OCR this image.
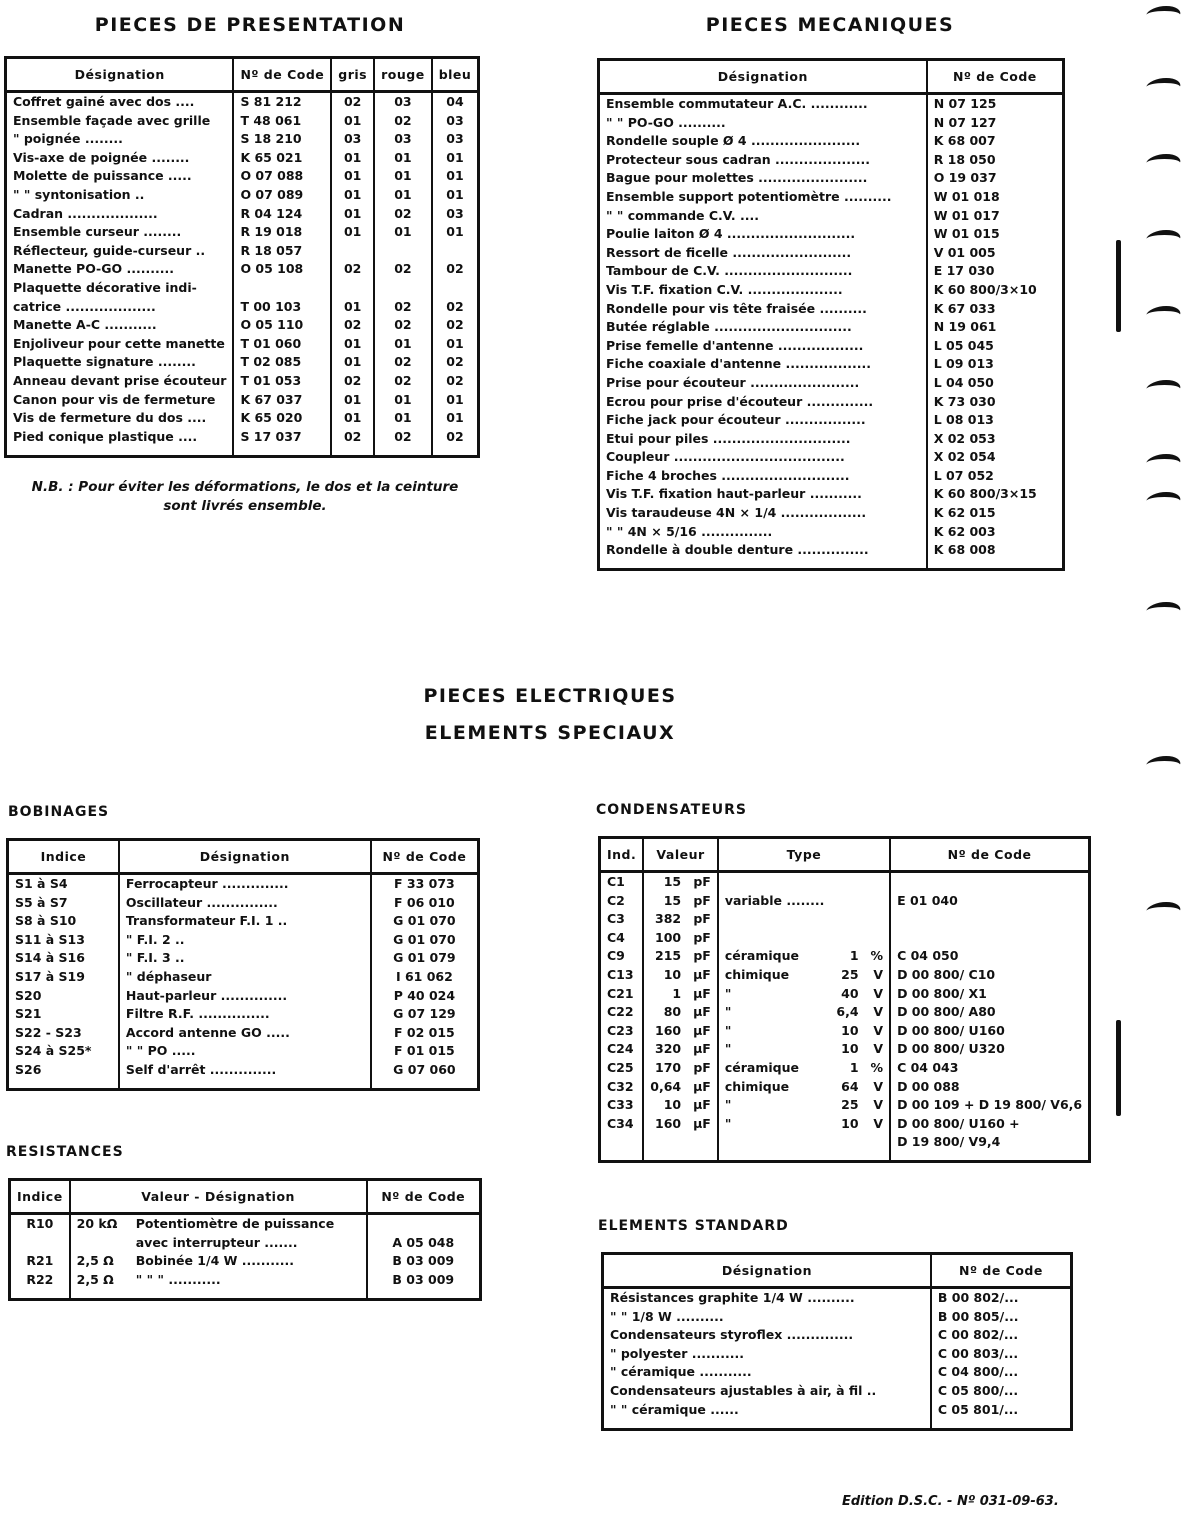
PIECES DE PRESENTATION	PIECES MECANIQUES
Désignation	Nº de Code	gris	rouge	bleu
Coffret gainé avec dos ....	S 81 212	02	03	04
Ensemble façade avec grille	T 48 061	01	02	03
" poignée ........	S 18 210	03	03	03
Vis-axe de poignée ........	K 65 021	01	01	01
Molette de puissance .....	O 07 088	01	01	01
" " syntonisation ..	O 07 089	01	01	01
Cadran ...................	R 04 124	01	02	03
Ensemble curseur ........	R 19 018	01	01	01
Réflecteur, guide-curseur ..	R 18 057			
Manette PO-GO ..........	O 05 108	02	02	02
Plaquette décorative indi-				
catrice ...................	T 00 103	01	02	02
Manette A-C ...........	O 05 110	02	02	02
Enjoliveur pour cette manette	T 01 060	01	01	01
Plaquette signature ........	T 02 085	01	02	02
Anneau devant prise écouteur	T 01 053	02	02	02
Canon pour vis de fermeture	K 67 037	01	01	01
Vis de fermeture du dos ....	K 65 020	01	01	01
Pied conique plastique ....	S 17 037	02	02	02

N.B. : Pour éviter les déformations, le dos et la ceinture
sont livrés ensemble.
Désignation	Nº de Code
Ensemble commutateur A.C. ............	N 07 125
" " PO-GO ..........	N 07 127
Rondelle souple Ø 4 .......................	K 68 007
Protecteur sous cadran ....................	R 18 050
Bague pour molettes .......................	O 19 037
Ensemble support potentiomètre ..........	W 01 018
" " commande C.V. ....	W 01 017
Poulie laiton Ø 4 ...........................	W 01 015
Ressort de ficelle .........................	V 01 005
Tambour de C.V. ...........................	E 17 030
Vis T.F. fixation C.V. ....................	K 60 800/3×10
Rondelle pour vis tête fraisée ..........	K 67 033
Butée réglable .............................	N 19 061
Prise femelle d'antenne ..................	L 05 045
Fiche coaxiale d'antenne ..................	L 09 013
Prise pour écouteur .......................	L 04 050
Ecrou pour prise d'écouteur ..............	K 73 030
Fiche jack pour écouteur .................	L 08 013
Etui pour piles .............................	X 02 053
Coupleur ....................................	X 02 054
Fiche 4 broches ...........................	L 07 052
Vis T.F. fixation haut-parleur ...........	K 60 800/3×15
Vis taraudeuse 4N × 1/4 ..................	K 62 015
" " 4N × 5/16 ...............	K 62 003
Rondelle à double denture ...............	K 68 008

PIECES ELECTRIQUES
ELEMENTS SPECIAUX
BOBINAGES
Indice	Désignation	Nº de Code
S1 à S4	Ferrocapteur ..............	F 33 073
S5 à S7	Oscillateur ...............	F 06 010
S8 à S10	Transformateur F.I. 1 ..	G 01 070
S11 à S13	" F.I. 2 ..	G 01 070
S14 à S16	" F.I. 3 ..	G 01 079
S17 à S19	" déphaseur	I 61 062
S20	Haut-parleur ..............	P 40 024
S21	Filtre R.F. ...............	G 07 129
S22 - S23	Accord antenne GO .....	F 02 015
S24 à S25*	" " PO .....	F 01 015
S26	Self d'arrêt ..............	G 07 060

RESISTANCES
Indice	Valeur - Désignation		Nº de Code
R10	20 kΩ	Potentiomètre de puissance	
		avec interrupteur .......	A 05 048
R21	2,5 Ω	Bobinée 1/4 W ...........	B 03 009
R22	2,5 Ω	" " " ...........	B 03 009

CONDENSATEURS
Ind.	Valeur		Type			Nº de Code
C1	15	pF				
C2	15	pF	variable ........			E 01 040
C3	382	pF				
C4	100	pF				
C9	215	pF	céramique	1	%	C 04 050
C13	10	µF	chimique	25	V	D 00 800/ C10
C21	1	µF	"	40	V	D 00 800/ X1
C22	80	µF	"	6,4	V	D 00 800/ A80
C23	160	µF	"	10	V	D 00 800/ U160
C24	320	µF	"	10	V	D 00 800/ U320
C25	170	pF	céramique	1	%	C 04 043
C32	0,64	µF	chimique	64	V	D 00 088
C33	10	µF	"	25	V	D 00 109 + D 19 800/ V6,6
C34	160	µF	"	10	V	D 00 800/ U160 +
						D 19 800/ V9,4

ELEMENTS STANDARD
Désignation	Nº de Code
Résistances graphite 1/4 W ..........	B 00 802/...
" " 1/8 W ..........	B 00 805/...
Condensateurs styroflex ..............	C 00 802/...
" polyester ...........	C 00 803/...
" céramique ...........	C 04 800/...
Condensateurs ajustables à air, à fil ..	C 05 800/...
" " céramique ......	C 05 801/...

Edition D.S.C. - Nº 031-09-63.
